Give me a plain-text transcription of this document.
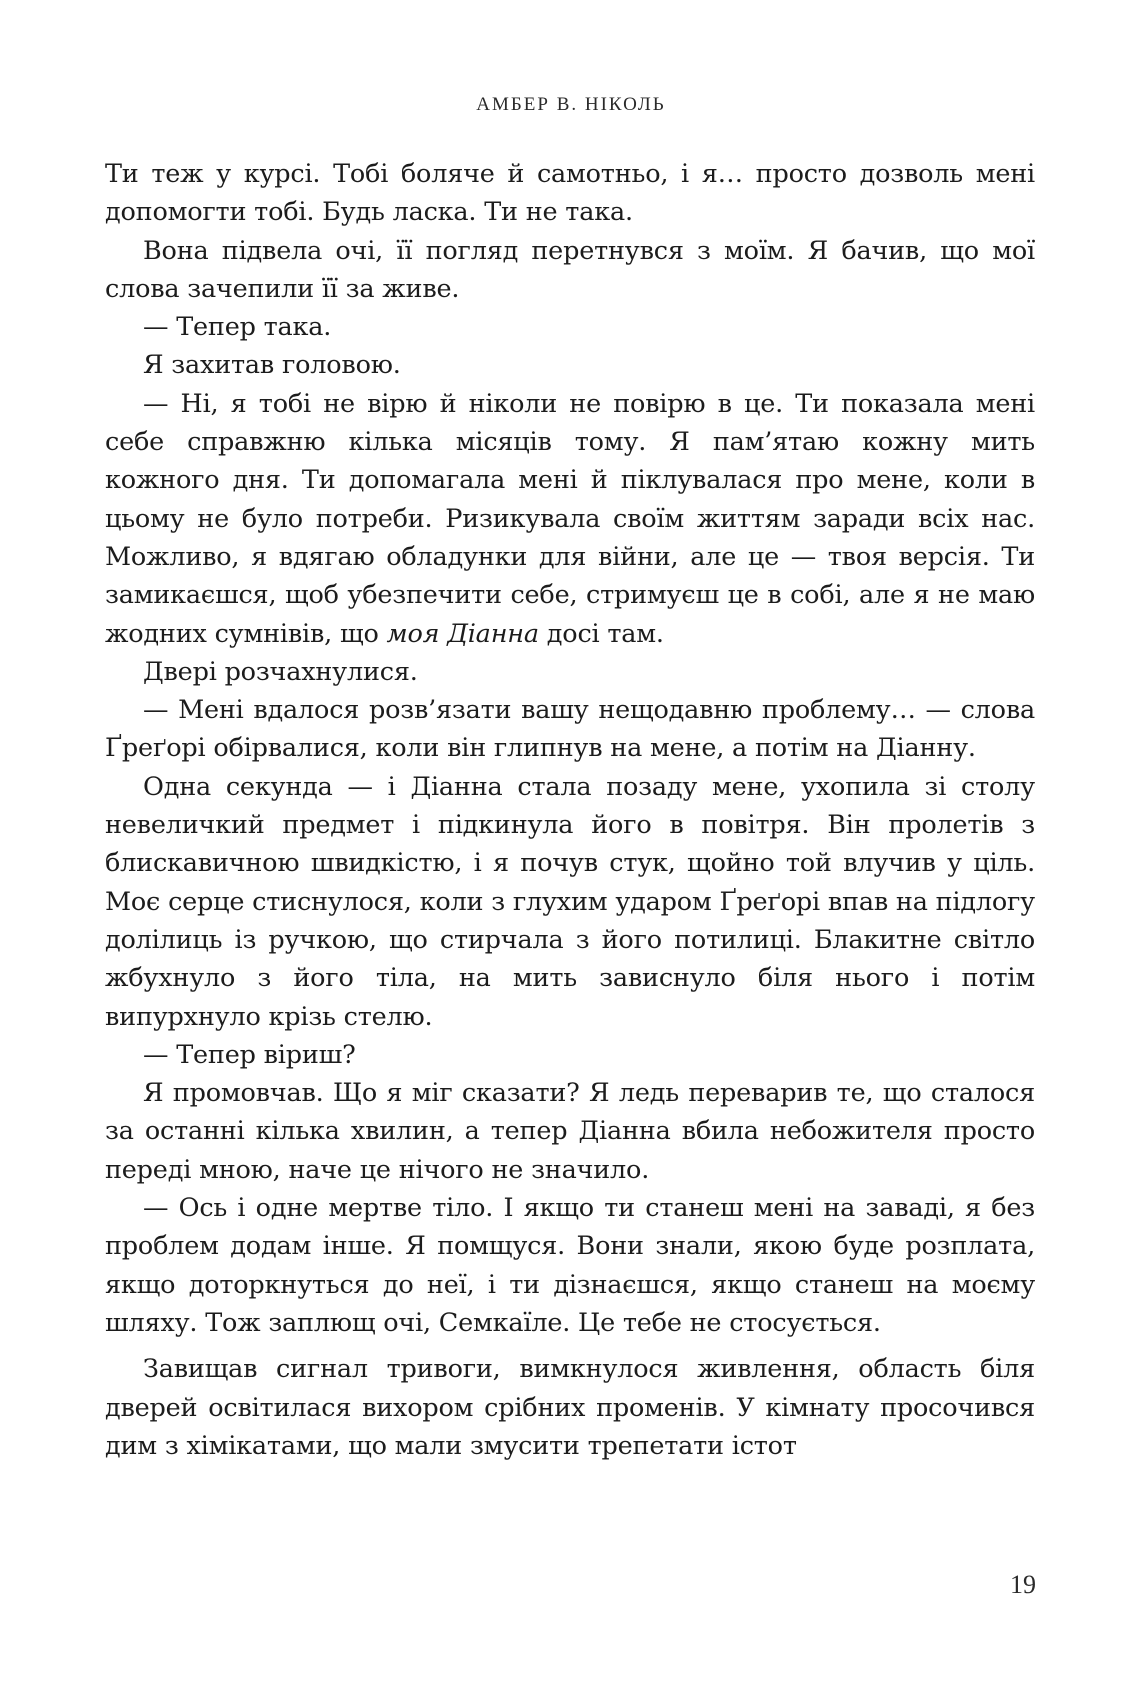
АМБЕР В. НІКОЛЬ

Ти теж у курсі. Тобі боляче й самотньо, і я… просто дозволь мені допомогти тобі. Будь ласка. Ти не така.

Вона підвела очі, її погляд перетнувся з моїм. Я бачив, що мої слова зачепили її за живе.

— Тепер така.

Я захитав головою.

— Ні, я тобі не вірю й ніколи не повірю в це. Ти показала мені себе справжню кілька місяців тому. Я пам’ятаю кожну мить кожного дня. Ти допомагала мені й піклувалася про мене, коли в цьому не було потреби. Ризикувала своїм життям заради всіх нас. Можливо, я вдягаю обладунки для війни, але це — твоя версія. Ти замикаєшся, щоб убезпечити себе, стримуєш це в собі, але я не маю жодних сумнівів, що моя Діанна досі там.

Двері розчахнулися.

— Мені вдалося розв’язати вашу нещодавню проблему… — слова Ґреґорі обірвалися, коли він глипнув на мене, а потім на Діанну.

Одна секунда — і Діанна стала позаду мене, ухопила зі столу невеличкий предмет і підкинула його в повітря. Він пролетів з блискавичною швидкістю, і я почув стук, щойно той влучив у ціль. Моє серце стиснулося, коли з глухим ударом Ґреґорі впав на підлогу долілиць із ручкою, що стирчала з його потилиці. Блакитне світло жбухнуло з його тіла, на мить зависнуло біля нього і потім випурхнуло крізь стелю.

— Тепер віриш?

Я промовчав. Що я міг сказати? Я ледь переварив те, що сталося за останні кілька хвилин, а тепер Діанна вбила небожителя просто переді мною, наче це нічого не значило.

— Ось і одне мертве тіло. І якщо ти станеш мені на заваді, я без проблем додам інше. Я помщуся. Вони знали, якою буде розплата, якщо доторкнуться до неї, і ти дізнаєшся, якщо станеш на моєму шляху. Тож заплющ очі, Семкаїле. Це тебе не стосується.

Завищав сигнал тривоги, вимкнулося живлення, область біля дверей освітилася вихором срібних променів. У кімнату просочився дим з хімікатами, що мали змусити трепетати істот

19
